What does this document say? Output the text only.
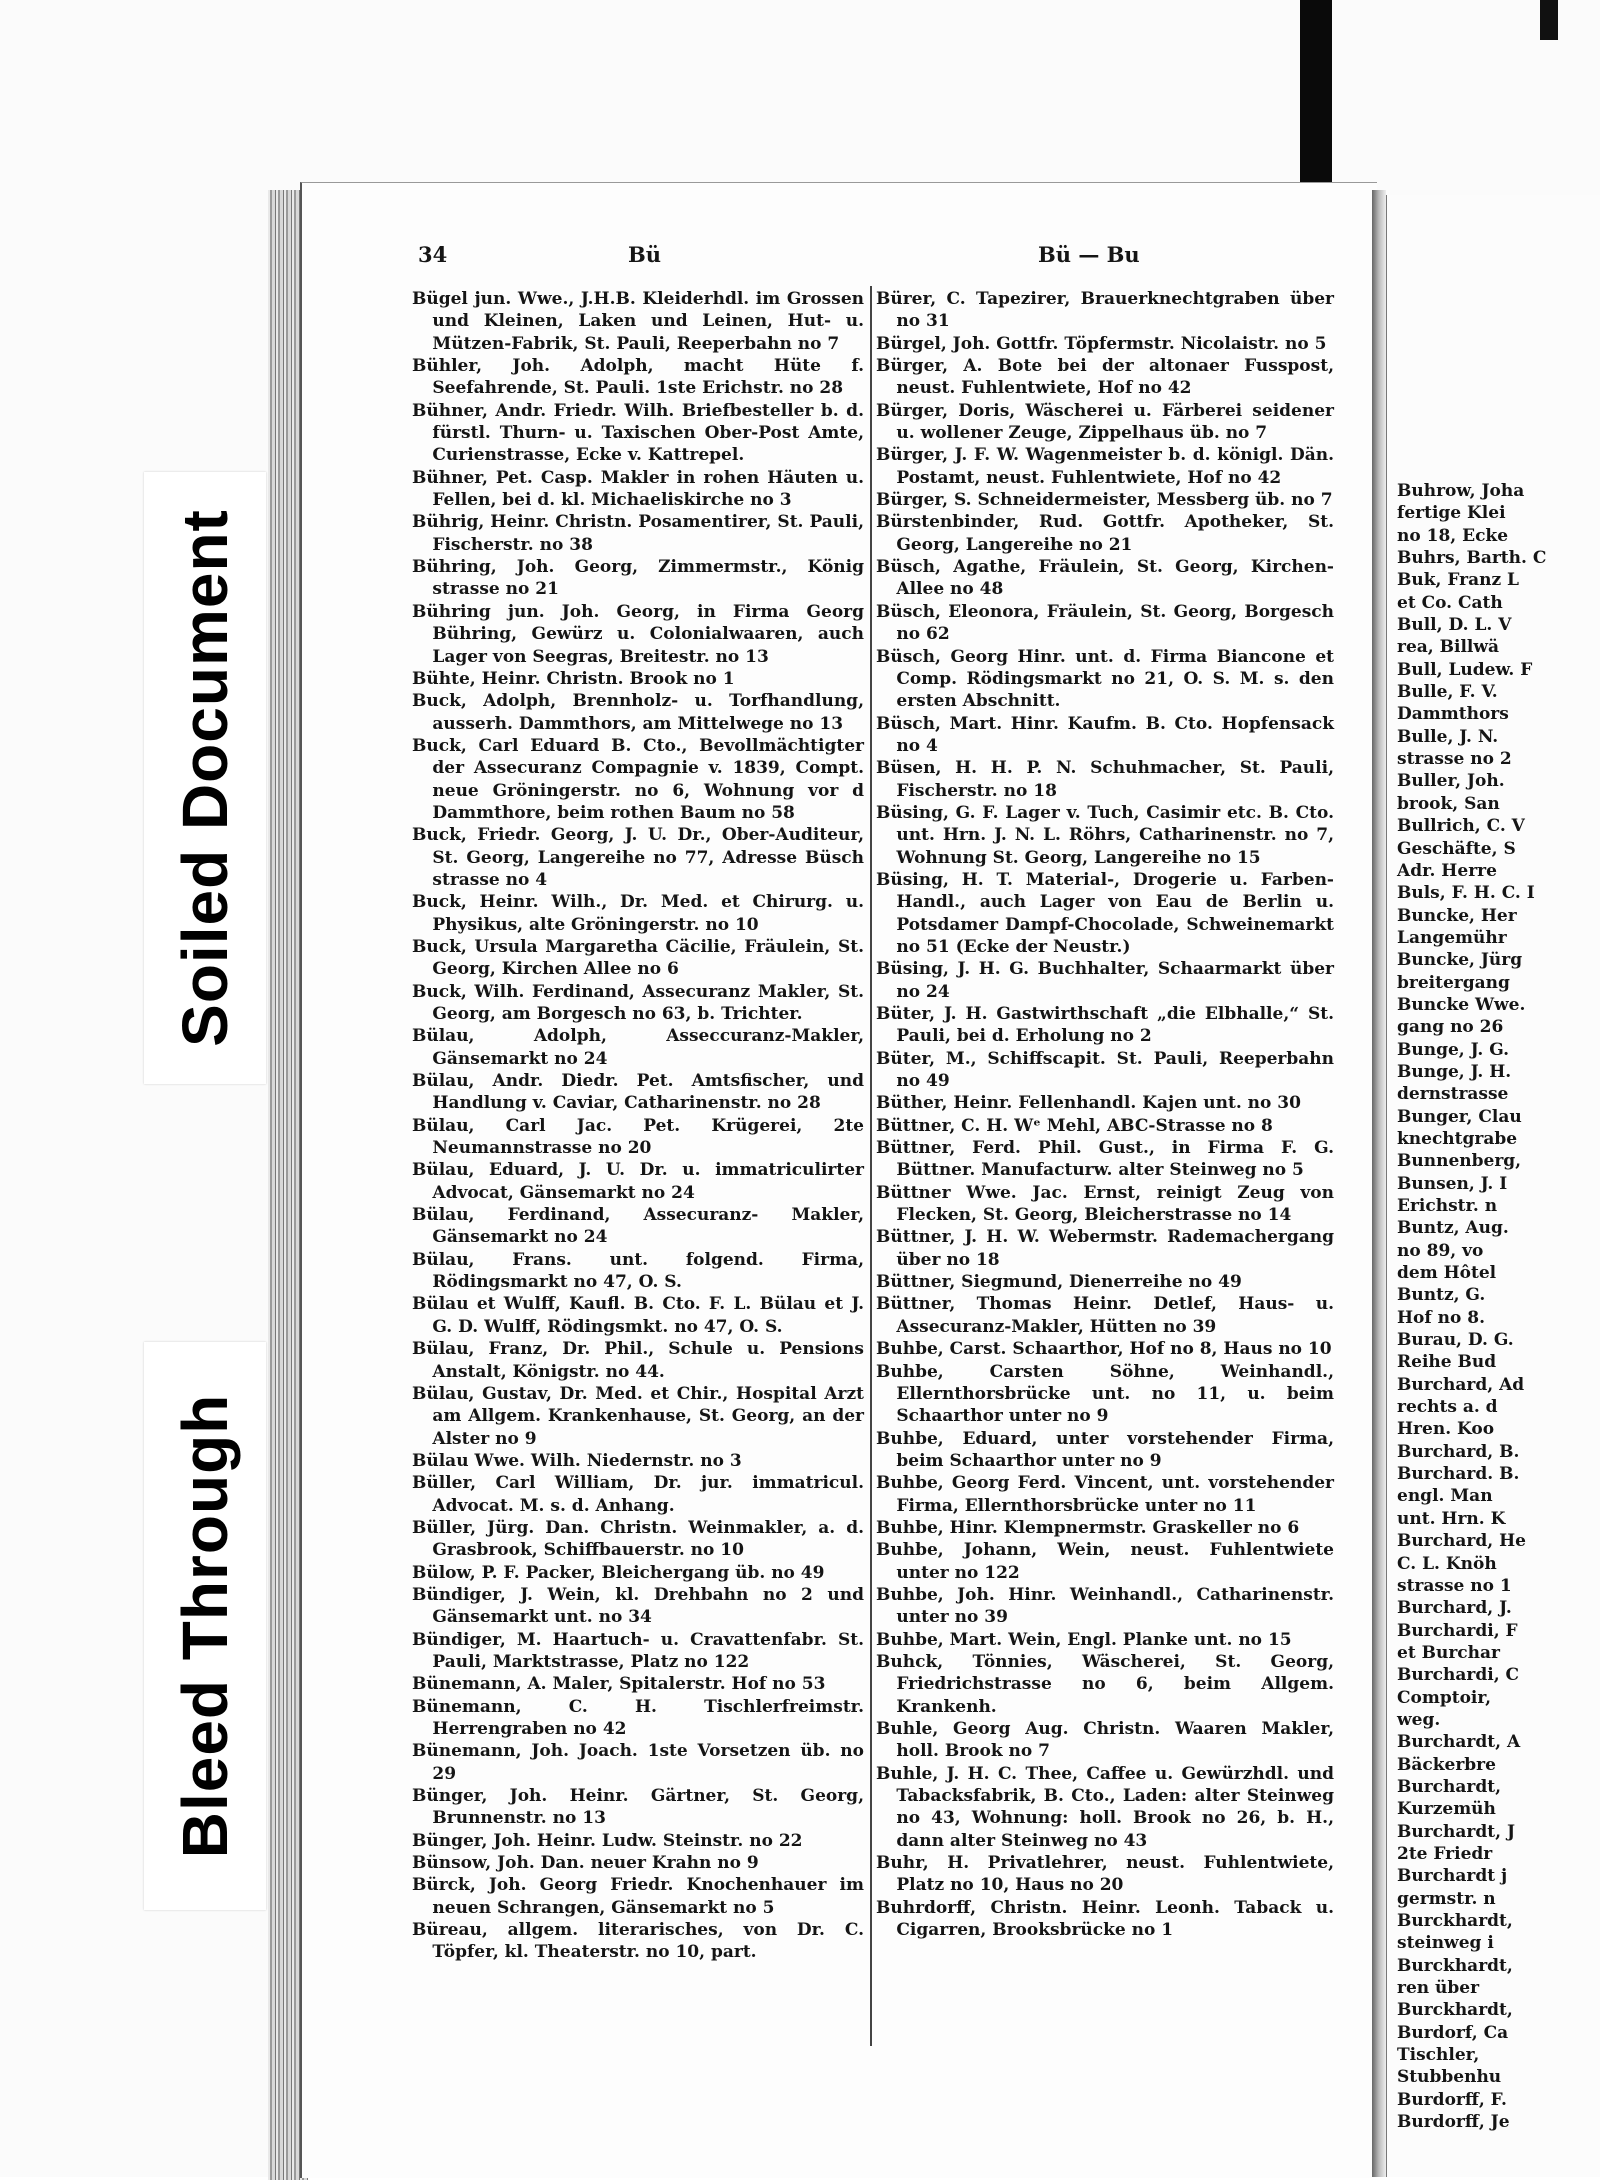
Soiled Document
Bleed Through
Buhrow, Joha
fertige Klei
no 18, Ecke
Buhrs, Barth. C
Buk, Franz L
et Co. Cath
Bull, D. L. V
rea, Billwä
Bull, Ludew. F
Bulle, F. V.
Dammthors
Bulle, J. N.
strasse no 2
Buller, Joh.
brook, San
Bullrich, C. V
Geschäfte, S
Adr. Herre
Buls, F. H. C. I
Buncke, Her
Langemühr
Buncke, Jürg
breitergang
Buncke Wwe.
gang no 26
Bunge, J. G.
Bunge, J. H.
dernstrasse
Bunger, Clau
knechtgrabe
Bunnenberg,
Bunsen, J. I
Erichstr. n
Buntz, Aug.
no 89, vo
dem Hôtel
Buntz, G.
Hof no 8.
Burau, D. G.
Reihe Bud
Burchard, Ad
rechts a. d
Hren. Koo
Burchard, B.
Burchard. B.
engl. Man
unt. Hrn. K
Burchard, He
C. L. Knöh
strasse no 1
Burchard, J.
Burchardi, F
et Burchar
Burchardi, C
Comptoir,
weg.
Burchardt, A
Bäckerbre
Burchardt,
Kurzemüh
Burchardt, J
2te Friedr
Burchardt j
germstr. n
Burckhardt,
steinweg i
Burckhardt,
ren über
Burckhardt,
Burdorf, Ca
Tischler,
Stubbenhu
Burdorff, F.
Burdorff, Je
34	Bü	Bü — Bu
Bügel jun. Wwe., J.H.B. Kleiderhdl. im Grossen und Kleinen, Laken und Leinen, Hut- u. Mützen-Fabrik, St. Pauli, Reeperbahn no 7
Bühler, Joh. Adolph, macht Hüte f. Seefahrende, St. Pauli. 1ste Erichstr. no 28
Bühner, Andr. Friedr. Wilh. Briefbesteller b. d. fürstl. Thurn- u. Taxischen Ober-Post Amte, Curienstrasse, Ecke v. Kattrepel.
Bühner, Pet. Casp. Makler in rohen Häuten u. Fellen, bei d. kl. Michaeliskirche no 3
Bührig, Heinr. Christn. Posamentirer, St. Pauli, Fischerstr. no 38
Bühring, Joh. Georg, Zimmermstr., König strasse no 21
Bühring jun. Joh. Georg, in Firma Georg Bühring, Gewürz u. Colonialwaaren, auch Lager von Seegras, Breitestr. no 13
Bühte, Heinr. Christn. Brook no 1
Buck, Adolph, Brennholz- u. Torfhandlung, ausserh. Dammthors, am Mittelwege no 13
Buck, Carl Eduard B. Cto., Bevollmächtigter der Assecuranz Compagnie v. 1839, Compt. neue Gröningerstr. no 6, Wohnung vor d Dammthore, beim rothen Baum no 58
Buck, Friedr. Georg, J. U. Dr., Ober-Auditeur, St. Georg, Langereihe no 77, Adresse Büsch strasse no 4
Buck, Heinr. Wilh., Dr. Med. et Chirurg. u. Physikus, alte Gröningerstr. no 10
Buck, Ursula Margaretha Cäcilie, Fräulein, St. Georg, Kirchen Allee no 6
Buck, Wilh. Ferdinand, Assecuranz Makler, St. Georg, am Borgesch no 63, b. Trichter.
Bülau, Adolph, Asseccuranz-Makler, Gänsemarkt no 24
Bülau, Andr. Diedr. Pet. Amtsfischer, und Handlung v. Caviar, Catharinenstr. no 28
Bülau, Carl Jac. Pet. Krügerei, 2te Neumannstrasse no 20
Bülau, Eduard, J. U. Dr. u. immatriculirter Advocat, Gänsemarkt no 24
Bülau, Ferdinand, Assecuranz- Makler, Gänsemarkt no 24
Bülau, Frans. unt. folgend. Firma, Rödingsmarkt no 47, O. S.
Bülau et Wulff, Kaufl. B. Cto. F. L. Bülau et J. G. D. Wulff, Rödingsmkt. no 47, O. S.
Bülau, Franz, Dr. Phil., Schule u. Pensions Anstalt, Königstr. no 44.
Bülau, Gustav, Dr. Med. et Chir., Hospital Arzt am Allgem. Krankenhause, St. Georg, an der Alster no 9
Bülau Wwe. Wilh. Niedernstr. no 3
Büller, Carl William, Dr. jur. immatricul. Advocat. M. s. d. Anhang.
Büller, Jürg. Dan. Christn. Weinmakler, a. d. Grasbrook, Schiffbauerstr. no 10
Bülow, P. F. Packer, Bleichergang üb. no 49
Bündiger, J. Wein, kl. Drehbahn no 2 und Gänsemarkt unt. no 34
Bündiger, M. Haartuch- u. Cravattenfabr. St. Pauli, Marktstrasse, Platz no 122
Bünemann, A. Maler, Spitalerstr. Hof no 53
Bünemann, C. H. Tischlerfreimstr. Herrengraben no 42
Bünemann, Joh. Joach. 1ste Vorsetzen üb. no 29
Bünger, Joh. Heinr. Gärtner, St. Georg, Brunnenstr. no 13
Bünger, Joh. Heinr. Ludw. Steinstr. no 22
Bünsow, Joh. Dan. neuer Krahn no 9
Bürck, Joh. Georg Friedr. Knochenhauer im neuen Schrangen, Gänsemarkt no 5
Büreau, allgem. literarisches, von Dr. C. Töpfer, kl. Theaterstr. no 10, part.
Bürer, C. Tapezirer, Brauerknechtgraben über no 31
Bürgel, Joh. Gottfr. Töpfermstr. Nicolaistr. no 5
Bürger, A. Bote bei der altonaer Fusspost, neust. Fuhlentwiete, Hof no 42
Bürger, Doris, Wäscherei u. Färberei seidener u. wollener Zeuge, Zippelhaus üb. no 7
Bürger, J. F. W. Wagenmeister b. d. königl. Dän. Postamt, neust. Fuhlentwiete, Hof no 42
Bürger, S. Schneidermeister, Messberg üb. no 7
Bürstenbinder, Rud. Gottfr. Apotheker, St. Georg, Langereihe no 21
Büsch, Agathe, Fräulein, St. Georg, Kirchen-Allee no 48
Büsch, Eleonora, Fräulein, St. Georg, Borgesch no 62
Büsch, Georg Hinr. unt. d. Firma Biancone et Comp. Rödingsmarkt no 21, O. S. M. s. den ersten Abschnitt.
Büsch, Mart. Hinr. Kaufm. B. Cto. Hopfensack no 4
Büsen, H. H. P. N. Schuhmacher, St. Pauli, Fischerstr. no 18
Büsing, G. F. Lager v. Tuch, Casimir etc. B. Cto. unt. Hrn. J. N. L. Röhrs, Catharinenstr. no 7, Wohnung St. Georg, Langereihe no 15
Büsing, H. T. Material-, Drogerie u. Farben-Handl., auch Lager von Eau de Berlin u. Potsdamer Dampf-Chocolade, Schweinemarkt no 51 (Ecke der Neustr.)
Büsing, J. H. G. Buchhalter, Schaarmarkt über no 24
Büter, J. H. Gastwirthschaft „die Elbhalle,“ St. Pauli, bei d. Erholung no 2
Büter, M., Schiffscapit. St. Pauli, Reeperbahn no 49
Büther, Heinr. Fellenhandl. Kajen unt. no 30
Büttner, C. H. Wᵉ Mehl, ABC-Strasse no 8
Büttner, Ferd. Phil. Gust., in Firma F. G. Büttner. Manufacturw. alter Steinweg no 5
Büttner Wwe. Jac. Ernst, reinigt Zeug von Flecken, St. Georg, Bleicherstrasse no 14
Büttner, J. H. W. Webermstr. Rademachergang über no 18
Büttner, Siegmund, Dienerreihe no 49
Büttner, Thomas Heinr. Detlef, Haus- u. Assecuranz-Makler, Hütten no 39
Buhbe, Carst. Schaarthor, Hof no 8, Haus no 10
Buhbe, Carsten Söhne, Weinhandl., Ellernthorsbrücke unt. no 11, u. beim Schaarthor unter no 9
Buhbe, Eduard, unter vorstehender Firma, beim Schaarthor unter no 9
Buhbe, Georg Ferd. Vincent, unt. vorstehender Firma, Ellernthorsbrücke unter no 11
Buhbe, Hinr. Klempnermstr. Graskeller no 6
Buhbe, Johann, Wein, neust. Fuhlentwiete unter no 122
Buhbe, Joh. Hinr. Weinhandl., Catharinenstr. unter no 39
Buhbe, Mart. Wein, Engl. Planke unt. no 15
Buhck, Tönnies, Wäscherei, St. Georg, Friedrichstrasse no 6, beim Allgem. Krankenh.
Buhle, Georg Aug. Christn. Waaren Makler, holl. Brook no 7
Buhle, J. H. C. Thee, Caffee u. Gewürzhdl. und Tabacksfabrik, B. Cto., Laden: alter Steinweg no 43, Wohnung: holl. Brook no 26, b. H., dann alter Steinweg no 43
Buhr, H. Privatlehrer, neust. Fuhlentwiete, Platz no 10, Haus no 20
Buhrdorff, Christn. Heinr. Leonh. Taback u. Cigarren, Brooksbrücke no 1
